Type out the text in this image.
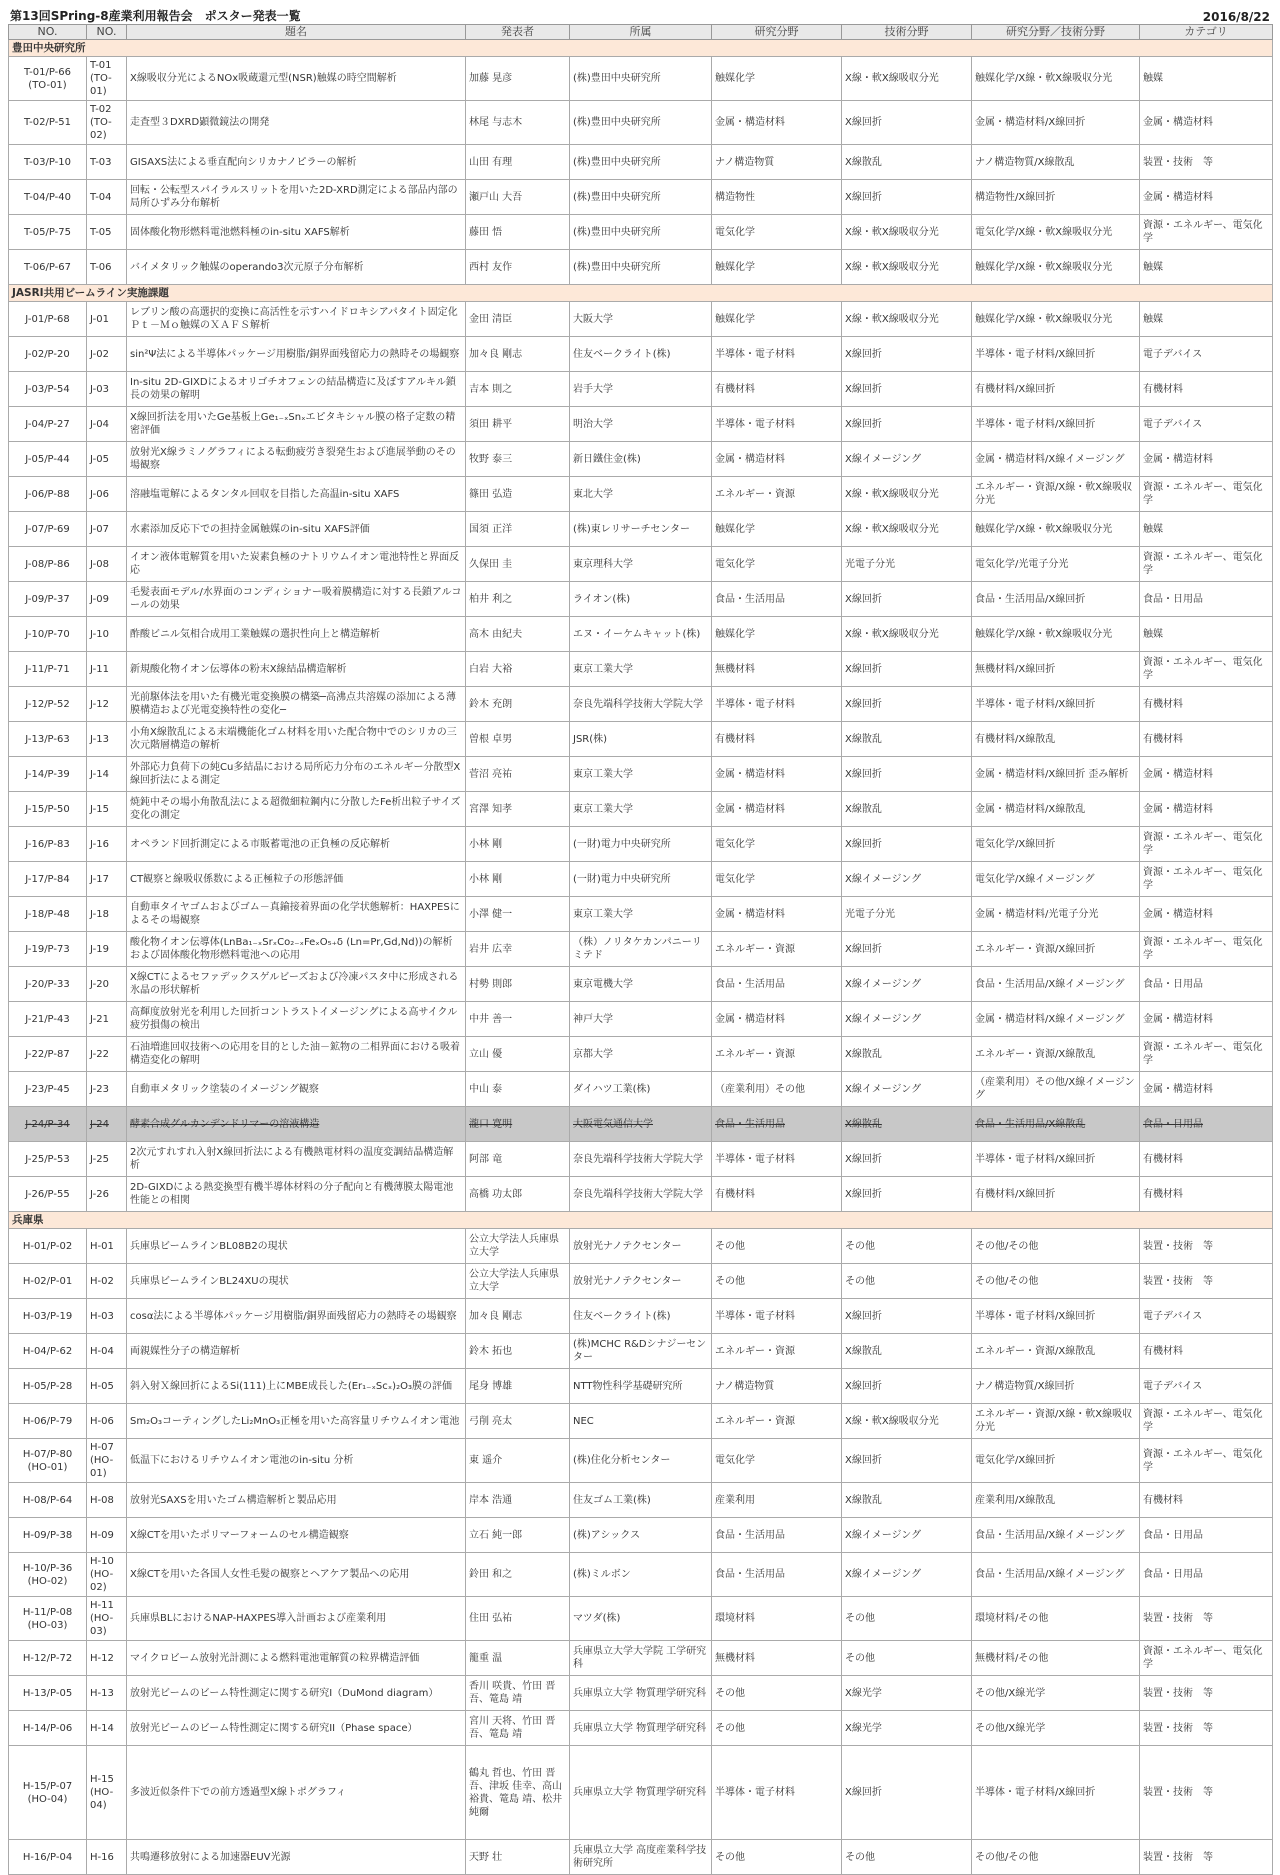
第13回SPring-8産業利用報告会　ポスター発表一覧	2016/8/22
NO.	NO.	題名	発表者	所属	研究分野	技術分野	研究分野／技術分野	カテゴリ
豊田中央研究所								
T-01/P-66 (TO-01)	T-01 (TO-01)	X線吸収分光によるNOx吸蔵還元型(NSR)触媒の時空間解析	加藤 晃彦	(株)豊田中央研究所	触媒化学	X線・軟X線吸収分光	触媒化学/X線・軟X線吸収分光	触媒
T-02/P-51	T-02 (TO-02)	走査型３DXRD顕微鏡法の開発	林尾 与志木	(株)豊田中央研究所	金属・構造材料	X線回折	金属・構造材料/X線回折	金属・構造材料
T-03/P-10	T-03	GISAXS法による垂直配向シリカナノピラーの解析	山田 有理	(株)豊田中央研究所	ナノ構造物質	X線散乱	ナノ構造物質/X線散乱	装置・技術　等
T-04/P-40	T-04	回転・公転型スパイラルスリットを用いた2D-XRD測定による部品内部の局所ひずみ分布解析	瀬戸山 大吾	(株)豊田中央研究所	構造物性	X線回折	構造物性/X線回折	金属・構造材料
T-05/P-75	T-05	固体酸化物形燃料電池燃料極のin-situ XAFS解析	藤田 悟	(株)豊田中央研究所	電気化学	X線・軟X線吸収分光	電気化学/X線・軟X線吸収分光	資源・エネルギー、電気化学
T-06/P-67	T-06	バイメタリック触媒のoperando3次元原子分布解析	西村 友作	(株)豊田中央研究所	触媒化学	X線・軟X線吸収分光	触媒化学/X線・軟X線吸収分光	触媒
JASRI共用ビームライン実施課題								
J-01/P-68	J-01	レブリン酸の高選択的変換に高活性を示すハイドロキシアパタイト固定化Ｐｔ－Ｍｏ触媒のＸＡＦＳ解析	金田 清臣	大阪大学	触媒化学	X線・軟X線吸収分光	触媒化学/X線・軟X線吸収分光	触媒
J-02/P-20	J-02	sin²Ψ法による半導体パッケージ用樹脂/銅界面残留応力の熱時その場観察	加々良 剛志	住友ベークライト(株)	半導体・電子材料	X線回折	半導体・電子材料/X線回折	電子デバイス
J-03/P-54	J-03	In-situ 2D-GIXDによるオリゴチオフェンの結晶構造に及ぼすアルキル鎖長の効果の解明	吉本 則之	岩手大学	有機材料	X線回折	有機材料/X線回折	有機材料
J-04/P-27	J-04	X線回折法を用いたGe基板上Ge₁₋ₓSnₓエピタキシャル膜の格子定数の精密評価	須田 耕平	明治大学	半導体・電子材料	X線回折	半導体・電子材料/X線回折	電子デバイス
J-05/P-44	J-05	放射光X線ラミノグラフィによる転動疲労き裂発生および進展挙動のその場観察	牧野 泰三	新日鐵住金(株)	金属・構造材料	X線イメージング	金属・構造材料/X線イメージング	金属・構造材料
J-06/P-88	J-06	溶融塩電解によるタンタル回収を目指した高温in-situ XAFS	篠田 弘造	東北大学	エネルギー・資源	X線・軟X線吸収分光	エネルギー・資源/X線・軟X線吸収分光	資源・エネルギー、電気化学
J-07/P-69	J-07	水素添加反応下での担持金属触媒のin-situ XAFS評価	国須 正洋	(株)東レリサーチセンター	触媒化学	X線・軟X線吸収分光	触媒化学/X線・軟X線吸収分光	触媒
J-08/P-86	J-08	イオン液体電解質を用いた炭素負極のナトリウムイオン電池特性と界面反応	久保田 圭	東京理科大学	電気化学	光電子分光	電気化学/光電子分光	資源・エネルギー、電気化学
J-09/P-37	J-09	毛髪表面モデル/水界面のコンディショナー吸着膜構造に対する長鎖アルコールの効果	柏井 利之	ライオン(株)	食品・生活用品	X線回折	食品・生活用品/X線回折	食品・日用品
J-10/P-70	J-10	酢酸ビニル気相合成用工業触媒の選択性向上と構造解析	高木 由紀夫	エヌ・イーケムキャット(株)	触媒化学	X線・軟X線吸収分光	触媒化学/X線・軟X線吸収分光	触媒
J-11/P-71	J-11	新規酸化物イオン伝導体の粉末X線結晶構造解析	白岩 大裕	東京工業大学	無機材料	X線回折	無機材料/X線回折	資源・エネルギー、電気化学
J-12/P-52	J-12	光前駆体法を用いた有機光電変換膜の構築─高沸点共溶媒の添加による薄膜構造および光電変換特性の変化─	鈴木 充朗	奈良先端科学技術大学院大学	半導体・電子材料	X線回折	半導体・電子材料/X線回折	有機材料
J-13/P-63	J-13	小角X線散乱による末端機能化ゴム材料を用いた配合物中でのシリカの三次元階層構造の解析	曽根 卓男	JSR(株)	有機材料	X線散乱	有機材料/X線散乱	有機材料
J-14/P-39	J-14	外部応力負荷下の純Cu多結晶における局所応力分布のエネルギー分散型X線回折法による測定	菅沼 亮祐	東京工業大学	金属・構造材料	X線回折	金属・構造材料/X線回折 歪み解析	金属・構造材料
J-15/P-50	J-15	焼鈍中その場小角散乱法による超微細粒鋼内に分散したFe析出粒子サイズ変化の測定	宮澤 知孝	東京工業大学	金属・構造材料	X線散乱	金属・構造材料/X線散乱	金属・構造材料
J-16/P-83	J-16	オペランド回折測定による市販蓄電池の正負極の反応解析	小林 剛	(一財)電力中央研究所	電気化学	X線回折	電気化学/X線回折	資源・エネルギー、電気化学
J-17/P-84	J-17	CT観察と線吸収係数による正極粒子の形態評価	小林 剛	(一財)電力中央研究所	電気化学	X線イメージング	電気化学/X線イメージング	資源・エネルギー、電気化学
J-18/P-48	J-18	自動車タイヤゴムおよびゴム－真鍮接着界面の化学状態解析：HAXPESによるその場観察	小澤 健一	東京工業大学	金属・構造材料	光電子分光	金属・構造材料/光電子分光	金属・構造材料
J-19/P-73	J-19	酸化物イオン伝導体(LnBa₁₋ₓSrₓCo₂₋ₓFeₓO₅₊δ (Ln=Pr,Gd,Nd))の解析および固体酸化物形燃料電池への応用	岩井 広幸	（株）ノリタケカンパニーリミテド	エネルギー・資源	X線回折	エネルギー・資源/X線回折	資源・エネルギー、電気化学
J-20/P-33	J-20	X線CTによるセファデックスゲルビーズおよび冷凍パスタ中に形成される氷晶の形状解析	村勢 則郎	東京電機大学	食品・生活用品	X線イメージング	食品・生活用品/X線イメージング	食品・日用品
J-21/P-43	J-21	高輝度放射光を利用した回折コントラストイメージングによる高サイクル疲労損傷の検出	中井 善一	神戸大学	金属・構造材料	X線イメージング	金属・構造材料/X線イメージング	金属・構造材料
J-22/P-87	J-22	石油増進回収技術への応用を目的とした油－鉱物の二相界面における吸着構造変化の解明	立山 優	京都大学	エネルギー・資源	X線散乱	エネルギー・資源/X線散乱	資源・エネルギー、電気化学
J-23/P-45	J-23	自動車メタリック塗装のイメージング観察	中山 泰	ダイハツ工業(株)	（産業利用）その他	X線イメージング	（産業利用）その他/X線イメージング	金属・構造材料
J-24/P-34	J-24	酵素合成グルカンデンドリマーの溶液構造	瀧口 寛明	大阪電気通信大学	食品・生活用品	X線散乱	食品・生活用品/X線散乱	食品・日用品
J-25/P-53	J-25	2次元すれすれ入射X線回折法による有機熱電材料の温度変調結晶構造解析	阿部 竜	奈良先端科学技術大学院大学	半導体・電子材料	X線回折	半導体・電子材料/X線回折	有機材料
J-26/P-55	J-26	2D-GIXDによる熱変換型有機半導体材料の分子配向と有機薄膜太陽電池性能との相関	高橋 功太郎	奈良先端科学技術大学院大学	有機材料	X線回折	有機材料/X線回折	有機材料
兵庫県								
H-01/P-02	H-01	兵庫県ビームラインBL08B2の現状	公立大学法人兵庫県立大学	放射光ナノテクセンター	その他	その他	その他/その他	装置・技術　等
H-02/P-01	H-02	兵庫県ビームラインBL24XUの現状	公立大学法人兵庫県立大学	放射光ナノテクセンター	その他	その他	その他/その他	装置・技術　等
H-03/P-19	H-03	cosα法による半導体パッケージ用樹脂/銅界面残留応力の熱時その場観察	加々良 剛志	住友ベークライト(株)	半導体・電子材料	X線回折	半導体・電子材料/X線回折	電子デバイス
H-04/P-62	H-04	両親媒性分子の構造解析	鈴木 拓也	(株)MCHC R&Dシナジーセンター	エネルギー・資源	X線散乱	エネルギー・資源/X線散乱	有機材料
H-05/P-28	H-05	斜入射Ｘ線回折によるSi(111)上にMBE成長した(Er₁₋ₓScₓ)₂O₃膜の評価	尾身 博雄	NTT物性科学基礎研究所	ナノ構造物質	X線回折	ナノ構造物質/X線回折	電子デバイス
H-06/P-79	H-06	Sm₂O₃コーティングしたLi₂MnO₃正極を用いた高容量リチウムイオン電池	弓削 亮太	NEC	エネルギー・資源	X線・軟X線吸収分光	エネルギー・資源/X線・軟X線吸収分光	資源・エネルギー、電気化学
H-07/P-80 (HO-01)	H-07 (HO-01)	低温下におけるリチウムイオン電池のin-situ 分析	東 遥介	(株)住化分析センター	電気化学	X線回折	電気化学/X線回折	資源・エネルギー、電気化学
H-08/P-64	H-08	放射光SAXSを用いたゴム構造解析と製品応用	岸本 浩通	住友ゴム工業(株)	産業利用	X線散乱	産業利用/X線散乱	有機材料
H-09/P-38	H-09	X線CTを用いたポリマーフォームのセル構造観察	立石 純一郎	(株)アシックス	食品・生活用品	X線イメージング	食品・生活用品/X線イメージング	食品・日用品
H-10/P-36 (HO-02)	H-10 (HO-02)	X線CTを用いた各国人女性毛髪の観察とヘアケア製品への応用	鈴田 和之	(株)ミルボン	食品・生活用品	X線イメージング	食品・生活用品/X線イメージング	食品・日用品
H-11/P-08 (HO-03)	H-11 (HO-03)	兵庫県BLにおけるNAP-HAXPES導入計画および産業利用	住田 弘祐	マツダ(株)	環境材料	その他	環境材料/その他	装置・技術　等
H-12/P-72	H-12	マイクロビーム放射光計測による燃料電池電解質の粒界構造評価	籠重 温	兵庫県立大学大学院 工学研究科	無機材料	その他	無機材料/その他	資源・エネルギー、電気化学
H-13/P-05	H-13	放射光ビームのビーム特性測定に関する研究I（DuMond diagram）	香川 咲貴、竹田 晋吾、篭島 靖	兵庫県立大学 物質理学研究科	その他	X線光学	その他/X線光学	装置・技術　等
H-14/P-06	H-14	放射光ビームのビーム特性測定に関する研究II（Phase space）	宮川 天将、竹田 晋吾、篭島 靖	兵庫県立大学 物質理学研究科	その他	X線光学	その他/X線光学	装置・技術　等
H-15/P-07 (HO-04)	H-15 (HO-04)	多波近似条件下での前方透過型X線トポグラフィ	鶴丸 哲也、竹田 晋吾、津坂 佳幸、高山 裕貴、篭島 靖、松井 純爾	兵庫県立大学 物質理学研究科	半導体・電子材料	X線回折	半導体・電子材料/X線回折	装置・技術　等
H-16/P-04	H-16	共鳴遷移放射による加速器EUV光源	天野 壮	兵庫県立大学 高度産業科学技術研究所	その他	その他	その他/その他	装置・技術　等
